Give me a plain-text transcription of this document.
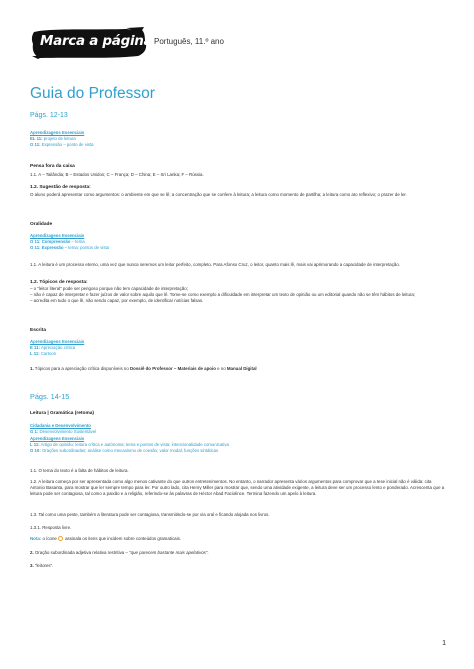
Marca a página Português, 11.º ano
Guia do Professor
Págs. 12-13
Aprendizagens Essenciais
EL 11: projeto de leitura
O 11: Expressão – ponto de vista
Pensa fora da caixa
1.1. A – Tailândia; B – Estados Unidos; C – França; D – China; E – Sri Lanka; F – Rússia.
1.2. Sugestão de resposta:
O aluno poderá apresentar como argumentos: o ambiente em que se lê; a concentração que se confere à leitura; a leitura como momento de partilha; a leitura como ato reflexivo; o prazer de ler.
Oralidade
Aprendizagens Essenciais
O 11: Compreensão – tema
O 11: Expressão – tema; pontos de vista
1.1. A leitura é um processo eterno, uma vez que nunca seremos um leitor perfeito, completo. Para Afonso Cruz, o leitor, quanto mais lê, mais vai aprimorando a capacidade de interpretação.
1.2. Tópicos de resposta:
– o "leitor literal" pode ser perigoso porque não tem capacidade de interpretação;
– não é capaz de interpretar e fazer juízos de valor sobre aquilo que lê. Tome-se como exemplo a dificuldade em interpretar um texto de opinião ou um editorial quando não se têm hábitos de leitura;
– acredita em tudo o que lê, não sendo capaz, por exemplo, de identificar notícias falsas.
Escrita
Aprendizagens Essenciais
E 11: Apreciação crítica
L 11: Cartoon
1. Tópicos para a apreciação crítica disponíveis no Dossiê do Professor – Materiais de apoio e no Manual Digital
Págs. 14-15
Leitura | Gramática (retoma)
Cidadania e Desenvolvimento
G 1: Desenvolvimento Sustentável
Aprendizagens Essenciais
L 11: Artigo de opinião; leitura crítica e autónoma; tema e pontos de vista; intencionalidade comunicativa
G 10: Orações subordinadas; análise como mecanismo de coesão; valor modal; funções sintáticas
1.1. O tema do texto é a falta de hábitos de leitura.
1.2. A leitura começa por ser apresentada como algo menos cativante do que outros entretenimentos. No entanto, o narrador apresenta vários argumentos para comprovar que a tese inicial não é válida: cita Antonio Basanta, para mostrar que ler sempre tempo para ler. Por outro lado, cita Henry Miller para mostrar que, sendo uma atividade exigente, a leitura deve ser um processo lento e ponderado. Acrescenta que a leitura pode ser contagiosa, tal como a paixão e a religião, referindo-se às palavras de Héctor Abad Faciolince. Termina fazendo um apelo à leitura.
1.3. Tal como uma peste, também a literatura pode ser contagiosa, transmitindo-se por via oral e ficando alojada nos livros.
1.3.1. Resposta livre.
Nota: o ícone assinala os itens que incidem sobre conteúdos gramaticais.
2. Oração subordinada adjetiva relativa restritiva – "que parecem bastante mais apelativos".
3. "leitores".
1
